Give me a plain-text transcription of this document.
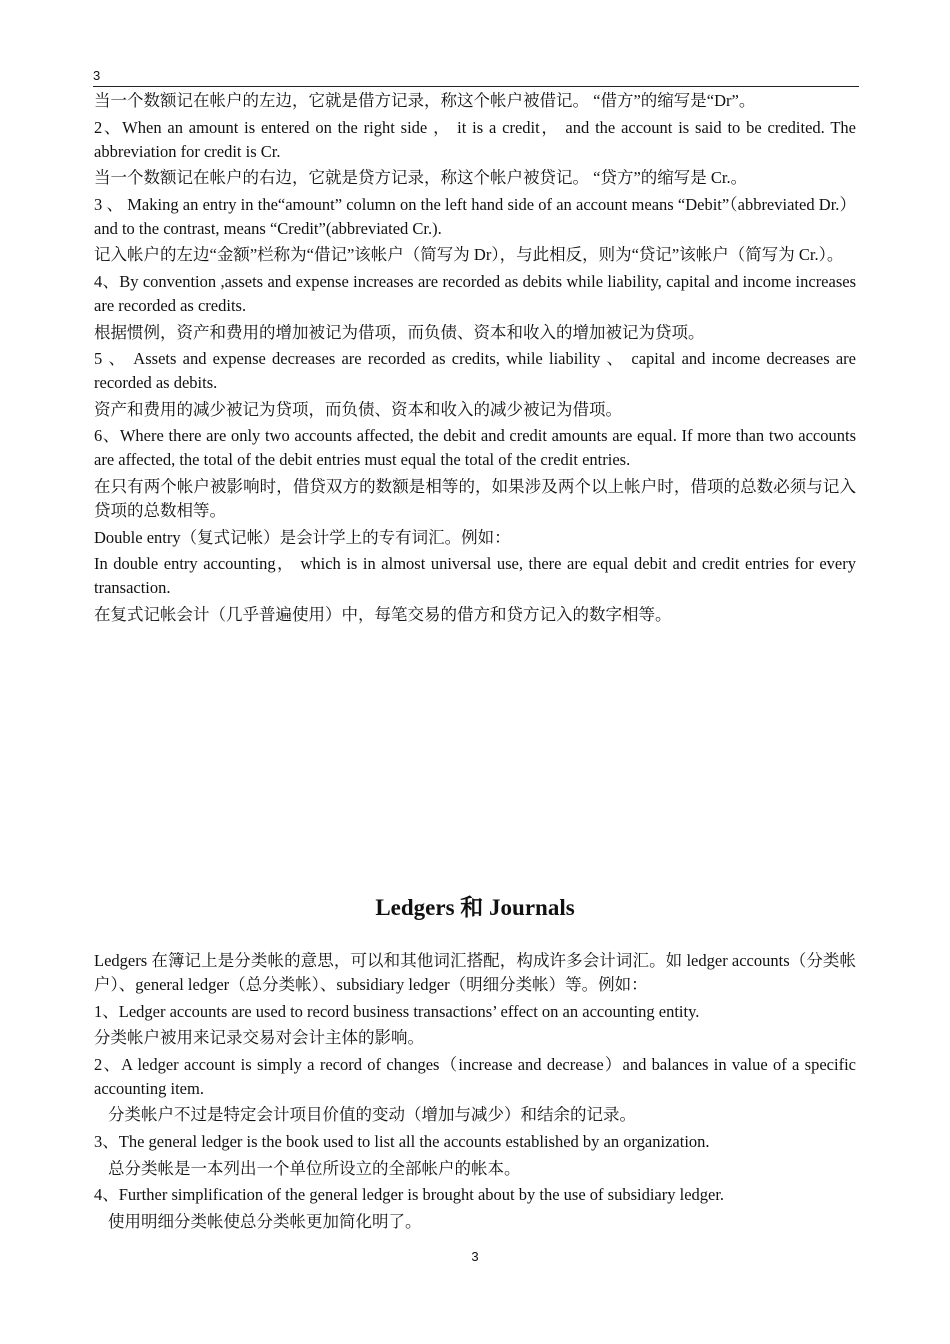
3

当一个数额记在帐户的左边，它就是借方记录，称这个帐户被借记。 “借方”的缩写是“Dr”。

2、When an amount is entered on the right side ， it is a credit， and the account is said to be credited. The abbreviation for credit is Cr.

当一个数额记在帐户的右边，它就是贷方记录，称这个帐户被贷记。 “贷方”的缩写是 Cr.。

3 、 Making an entry in the“amount” column on the left hand side of an account means “Debit”（abbreviated Dr.）and to the contrast, means “Credit”(abbreviated Cr.).

记入帐户的左边“金额”栏称为“借记”该帐户（简写为 Dr），与此相反，则为“贷记”该帐户（简写为 Cr.）。

4、By convention ,assets and expense increases are recorded as debits while liability, capital and income increases are recorded as credits.

根据惯例，资产和费用的增加被记为借项，而负债、资本和收入的增加被记为贷项。

5 、 Assets and expense decreases are recorded as credits, while liability 、 capital and income decreases are recorded as debits.

资产和费用的减少被记为贷项，而负债、资本和收入的减少被记为借项。

6、Where there are only two accounts affected, the debit and credit amounts are equal. If more than two accounts are affected, the total of the debit entries must equal the total of the credit entries.

在只有两个帐户被影响时，借贷双方的数额是相等的，如果涉及两个以上帐户时，借项的总数必须与记入贷项的总数相等。

Double entry（复式记帐）是会计学上的专有词汇。例如：

In double entry accounting， which is in almost universal use, there are equal debit and credit entries for every transaction.

在复式记帐会计（几乎普遍使用）中，每笔交易的借方和贷方记入的数字相等。

Ledgers 和 Journals

Ledgers 在簿记上是分类帐的意思，可以和其他词汇搭配，构成许多会计词汇。如 ledger accounts（分类帐户）、general ledger（总分类帐）、subsidiary ledger（明细分类帐）等。例如：

1、Ledger accounts are used to record business transactions’ effect on an accounting entity.

分类帐户被用来记录交易对会计主体的影响。

2、A ledger account is simply a record of changes（increase and decrease）and balances in value of a specific accounting item.

分类帐户不过是特定会计项目价值的变动（增加与减少）和结余的记录。

3、The general ledger is the book used to list all the accounts established by an organization.

总分类帐是一本列出一个单位所设立的全部帐户的帐本。

4、Further simplification of the general ledger is brought about by the use of subsidiary ledger.

使用明细分类帐使总分类帐更加简化明了。

3
